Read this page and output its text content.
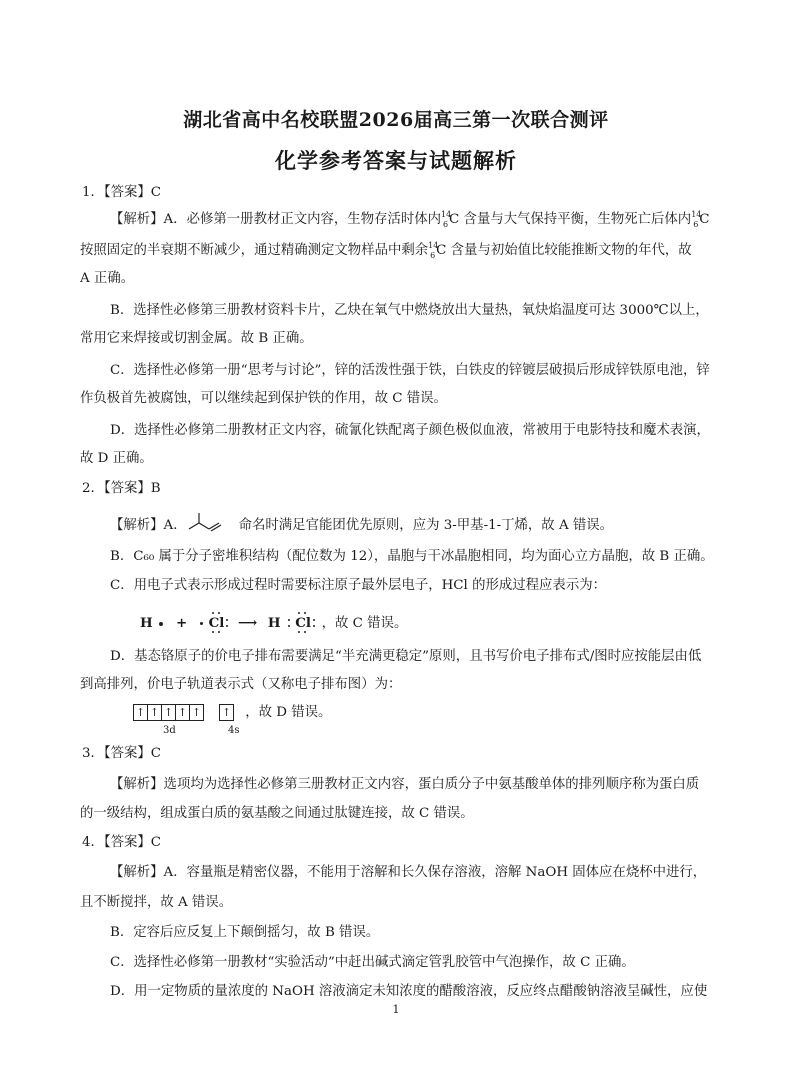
湖北省高中名校联盟2026届高三第一次联合测评
化学参考答案与试题解析
1．【答案】C
【解析】A．必修第一册教材正文内容，生物存活时体内 14
6 C 含量与大气保持平衡，生物死亡后体内 14
6 C
按照固定的半衰期不断减少，通过精确测定文物样品中剩余 14
6 C 含量与初始值比较能推断文物的年代，故
A 正确。
B．选择性必修第三册教材资料卡片，乙炔在氧气中燃烧放出大量热，氧炔焰温度可达 3000℃以上，
常用它来焊接或切割金属。故 B 正确。
C．选择性必修第一册“思考与讨论”，锌的活泼性强于铁，白铁皮的锌镀层破损后形成锌铁原电池，锌
作负极首先被腐蚀，可以继续起到保护铁的作用，故 C 错误。
D．选择性必修第二册教材正文内容，硫氰化铁配离子颜色极似血液，常被用于电影特技和魔术表演，
故 D 正确。
2．【答案】B
【解析】A．	命名时满足官能团优先原则，应为 3-甲基-1-丁烯，故 A 错误。
B．C₆₀ 属于分子密堆积结构（配位数为 12），晶胞与干冰晶胞相同，均为面心立方晶胞，故 B 正确。
C．用电子式表示形成过程时需要标注原子最外层电子，HCl 的形成过程应表示为：
H + Cl ⟶ H Cl ，故 C 错误。
D．基态铬原子的价电子排布需要满足“半充满更稳定”原则，且书写价电子排布式/图时应按能层由低
到高排列，价电子轨道表示式（又称电子排布图）为：
↑ ↑ ↑ ↑ ↑ ↑ $^{,故 D 错误。}$
3d	4s
3．【答案】C
【解析】选项均为选择性必修第三册教材正文内容，蛋白质分子中氨基酸单体的排列顺序称为蛋白质
的一级结构，组成蛋白质的氨基酸之间通过肽键连接，故 C 错误。
4．【答案】C
【解析】A．容量瓶是精密仪器，不能用于溶解和长久保存溶液，溶解 NaOH 固体应在烧杯中进行，
且不断搅拌，故 A 错误。
B．定容后应反复上下颠倒摇匀，故 B 错误。
C．选择性必修第一册教材“实验活动”中赶出碱式滴定管乳胶管中气泡操作，故 C 正确。
D．用一定物质的量浓度的 NaOH 溶液滴定未知浓度的醋酸溶液，反应终点醋酸钠溶液呈碱性，应使
1
